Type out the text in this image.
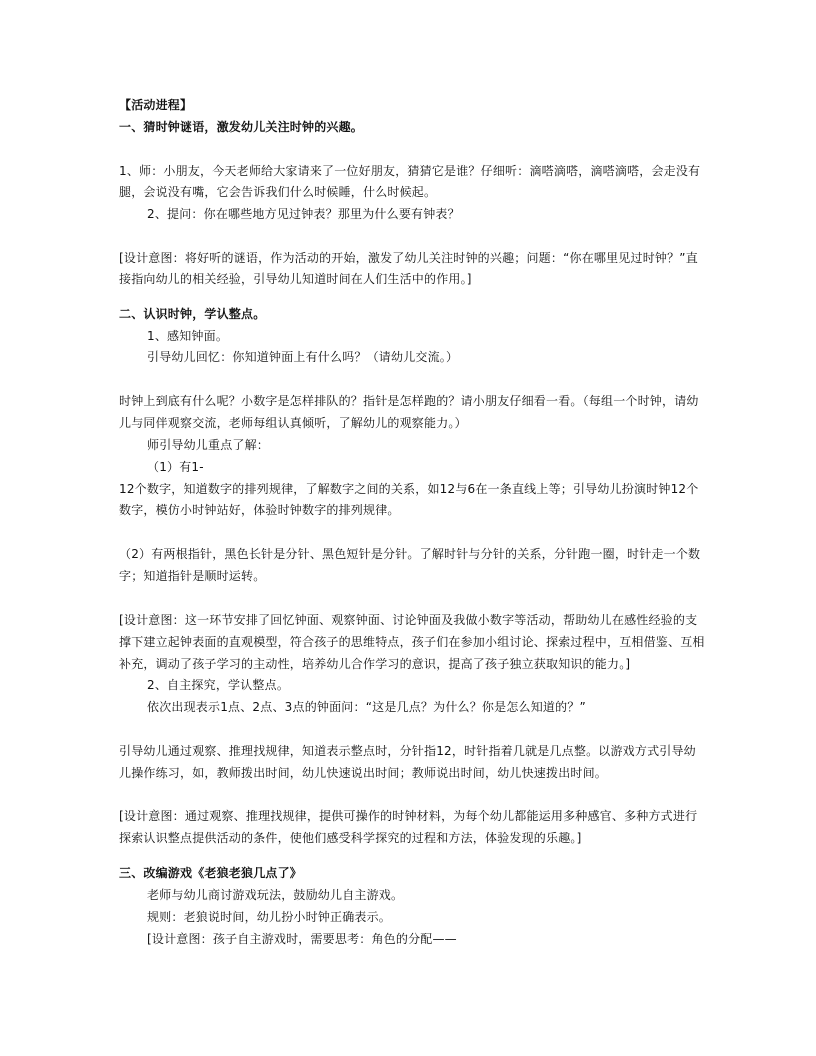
【活动进程】
一、猜时钟谜语，激发幼儿关注时钟的兴趣。
1、师：小朋友，今天老师给大家请来了一位好朋友，猜猜它是谁？仔细听：滴嗒滴嗒，滴嗒滴嗒，会走没有
腿，会说没有嘴，它会告诉我们什么时候睡，什么时候起。
2、提问：你在哪些地方见过钟表？那里为什么要有钟表？
[设计意图：将好听的谜语，作为活动的开始，激发了幼儿关注时钟的兴趣；问题：“你在哪里见过时钟？”直
接指向幼儿的相关经验，引导幼儿知道时间在人们生活中的作用。]
二、认识时钟，学认整点。
1、感知钟面。
引导幼儿回忆：你知道钟面上有什么吗？（请幼儿交流。）
时钟上到底有什么呢？小数字是怎样排队的？指针是怎样跑的？请小朋友仔细看一看。（每组一个时钟，请幼
儿与同伴观察交流，老师每组认真倾听，了解幼儿的观察能力。）
师引导幼儿重点了解：
（1）有1-
12个数字，知道数字的排列规律，了解数字之间的关系，如12与6在一条直线上等；引导幼儿扮演时钟12个
数字，模仿小时钟站好，体验时钟数字的排列规律。
（2）有两根指针，黑色长针是分针、黑色短针是分针。了解时针与分针的关系，分针跑一圈，时针走一个数
字；知道指针是顺时运转。
[设计意图：这一环节安排了回忆钟面、观察钟面、讨论钟面及我做小数字等活动，帮助幼儿在感性经验的支
撑下建立起钟表面的直观模型，符合孩子的思维特点，孩子们在参加小组讨论、探索过程中，互相借鉴、互相
补充，调动了孩子学习的主动性，培养幼儿合作学习的意识，提高了孩子独立获取知识的能力。]
2、自主探究，学认整点。
依次出现表示1点、2点、3点的钟面问：“这是几点？为什么？你是怎么知道的？”
引导幼儿通过观察、推理找规律，知道表示整点时，分针指12，时针指着几就是几点整。以游戏方式引导幼
儿操作练习，如，教师拨出时间，幼儿快速说出时间；教师说出时间，幼儿快速拨出时间。
[设计意图：通过观察、推理找规律，提供可操作的时钟材料，为每个幼儿都能运用多种感官、多种方式进行
探索认识整点提供活动的条件，使他们感受科学探究的过程和方法，体验发现的乐趣。]
三、改编游戏《老狼老狼几点了》
老师与幼儿商讨游戏玩法，鼓励幼儿自主游戏。
规则：老狼说时间，幼儿扮小时钟正确表示。
[设计意图：孩子自主游戏时，需要思考：角色的分配——
